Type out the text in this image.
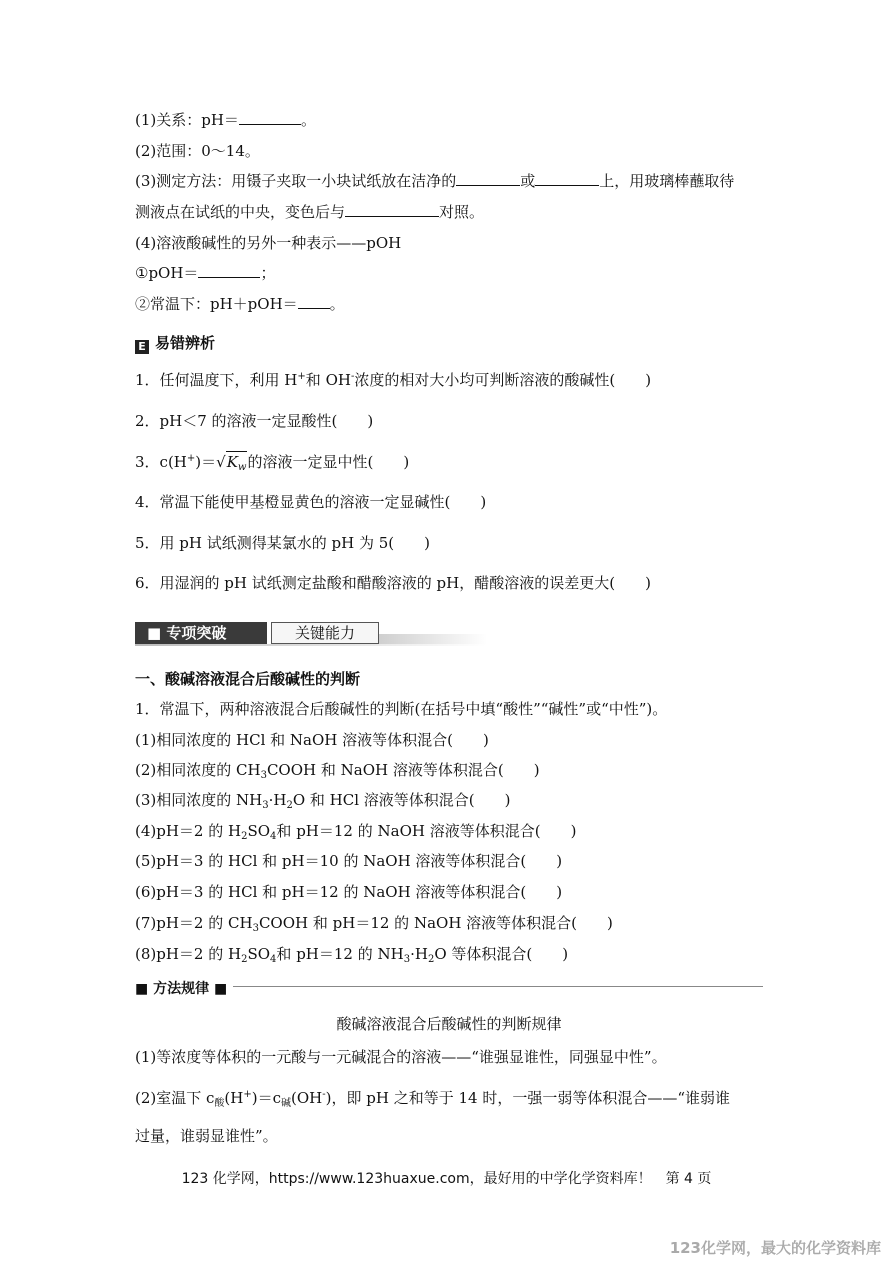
(1)关系：pH＝	。
(2)范围：0～14。
(3)测定方法：用镊子夹取一小块试纸放在洁净的	或	上，用玻璃棒蘸取待
测液点在试纸的中央，变色后与	对照。
(4)溶液酸碱性的另外一种表示——pOH
①pOH＝	；
②常温下：pH＋pOH＝ 。
E 易错辨析
1．任何温度下，利用 H+和 OH-浓度的相对大小均可判断溶液的酸碱性(　　)
2．pH＜7 的溶液一定显酸性(　　)
3．$c(H^+)=√K_w$的溶液一定显中性(　　)
4．常温下能使甲基橙显黄色的溶液一定显碱性(　　)
5．用 pH 试纸测得某氯水的 pH 为 5(　　)
6．用湿润的 pH 试纸测定盐酸和醋酸溶液的 pH，醋酸溶液的误差更大(　　)
■ 专项突破	关键能力
一、酸碱溶液混合后酸碱性的判断
1．常温下，两种溶液混合后酸碱性的判断(在括号中填“酸性”“碱性”或“中性”)。
(1)相同浓度的 HCl 和 NaOH 溶液等体积混合(　　)
(2)相同浓度的 $CH_3COOH$ 和 NaOH 溶液等体积混合(　　)
(3)相同浓度的 $NH_3\cdot H_2O$ 和 HCl 溶液等体积混合(　　)
(4)pH＝2 的 $H_2SO_4$和 pH＝12 的 NaOH 溶液等体积混合(　　)
(5)pH＝3 的 HCl 和 pH＝10 的 NaOH 溶液等体积混合(　　)
(6)pH＝3 的 HCl 和 pH＝12 的 NaOH 溶液等体积混合(　　)
(7)pH＝2 的 $CH_3COOH$ 和 pH＝12 的 NaOH 溶液等体积混合(　　)
(8)pH＝2 的 $H_2SO_4$和 pH＝12 的 $NH_3\cdot H_2O$ 等体积混合(　　)
■ 方法规律 ■
酸碱溶液混合后酸碱性的判断规律
(1)等浓度等体积的一元酸与一元碱混合的溶液——“谁强显谁性，同强显中性”。
(2)室温下 $c_酸(H^+)=c_碱(OH^-)$，即 pH 之和等于 14 时，一强一弱等体积混合——“谁弱谁
过量，谁弱显谁性”。
123 化学网，https://www.123huaxue.com，最好用的中学化学资料库！　第 4 页
123化学网，最大的化学资料库
